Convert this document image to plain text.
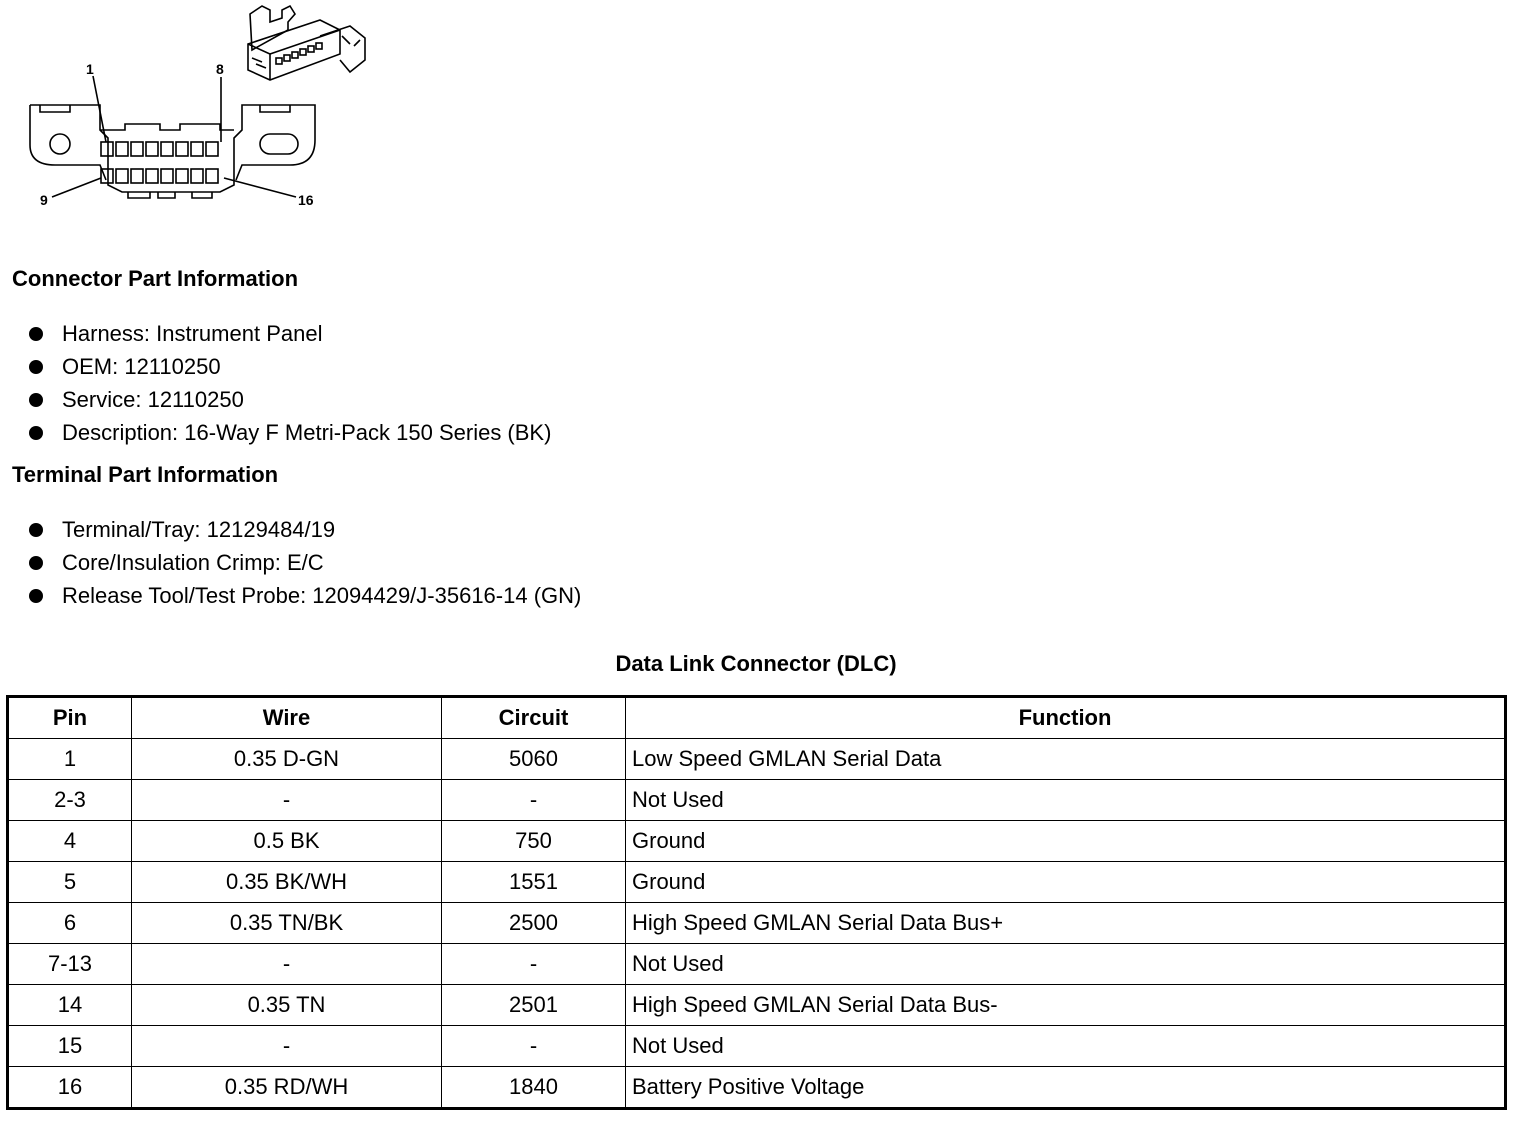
1	8
9	16
Connector Part Information
Harness: Instrument Panel
OEM: 12110250
Service: 12110250
Description: 16-Way F Metri-Pack 150 Series (BK)
Terminal Part Information
Terminal/Tray: 12129484/19
Core/Insulation Crimp: E/C
Release Tool/Test Probe: 12094429/J-35616-14 (GN)
Data Link Connector (DLC)
Pin	Wire	Circuit	Function
1	0.35 D-GN	5060	Low Speed GMLAN Serial Data
2-3	-	-	Not Used
4	0.5 BK	750	Ground
5	0.35 BK/WH	1551	Ground
6	0.35 TN/BK	2500	High Speed GMLAN Serial Data Bus+
7-13	-	-	Not Used
14	0.35 TN	2501	High Speed GMLAN Serial Data Bus-
15	-	-	Not Used
16	0.35 RD/WH	1840	Battery Positive Voltage
